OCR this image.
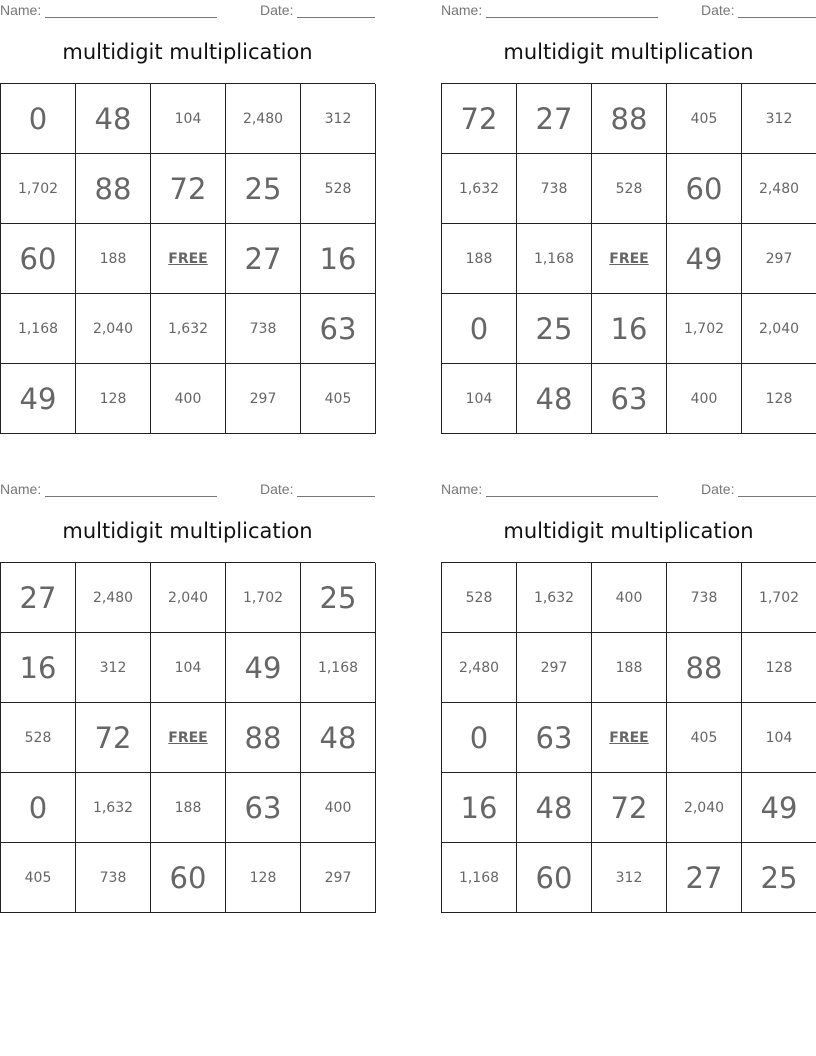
Name:	Date:
multidigit multiplication
0	48	104	2,480	312
1,702	88	72	25	528
60	188	FREE	27	16
1,168	2,040	1,632	738	63
49	128	400	297	405
Name:	Date:
multidigit multiplication
72	27	88	405	312
1,632	738	528	60	2,480
188	1,168	FREE	49	297
0	25	16	1,702	2,040
104	48	63	400	128
Name:	Date:
multidigit multiplication
27	2,480	2,040	1,702	25
16	312	104	49	1,168
528	72	FREE	88	48
0	1,632	188	63	400
405	738	60	128	297
Name:	Date:
multidigit multiplication
528	1,632	400	738	1,702
2,480	297	188	88	128
0	63	FREE	405	104
16	48	72	2,040	49
1,168	60	312	27	25
